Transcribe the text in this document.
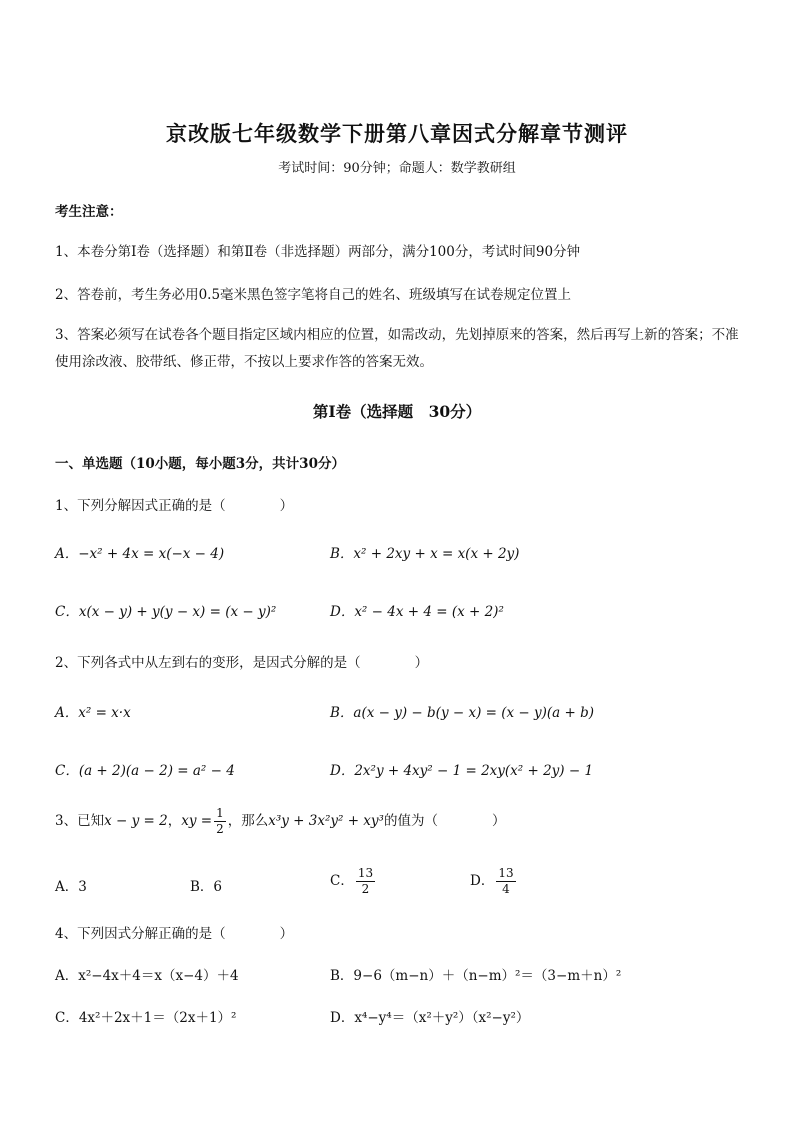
京改版七年级数学下册第八章因式分解章节测评
考试时间：90分钟；命题人：数学教研组
考生注意：
1、本卷分第Ⅰ卷（选择题）和第Ⅱ卷（非选择题）两部分，满分100分，考试时间90分钟
2、答卷前，考生务必用0.5毫米黑色签字笔将自己的姓名、班级填写在试卷规定位置上
3、答案必须写在试卷各个题目指定区域内相应的位置，如需改动，先划掉原来的答案，然后再写上新的答案；不准使用涂改液、胶带纸、修正带，不按以上要求作答的答案无效。
第Ⅰ卷（选择题　30分）
一、单选题（10小题，每小题3分，共计30分）
1、下列分解因式正确的是（　　　　）
A．−x² + 4x = x(−x − 4)	B．x² + 2xy + x = x(x + 2y)
C．x(x − y) + y(y − x) = (x − y)²	D．x² − 4x + 4 = (x + 2)²
2、下列各式中从左到右的变形，是因式分解的是（　　　　）
A．x² = x·x	B．a(x − y) − b(y − x) = (x − y)(a + b)
C．(a + 2)(a − 2) = a² − 4	D．2x²y + 4xy² − 1 = 2xy(x² + 2y) − 1
3、已知x − y = 2，xy = $\frac{1}{2}$ ，那么x³y + 3x²y² + xy³的值为（　　　　）
A．3	B．6	C． $\frac{13}{2}$	D． $\frac{13}{4}$
4、下列因式分解正确的是（　　　　）
A．x²−4x＋4＝x（x−4）＋4	B．9−6（m−n）＋（n−m）²＝（3−m＋n）²
C．4x²＋2x＋1＝（2x＋1）²	D．x⁴−y⁴＝（x²＋y²）（x²−y²）
